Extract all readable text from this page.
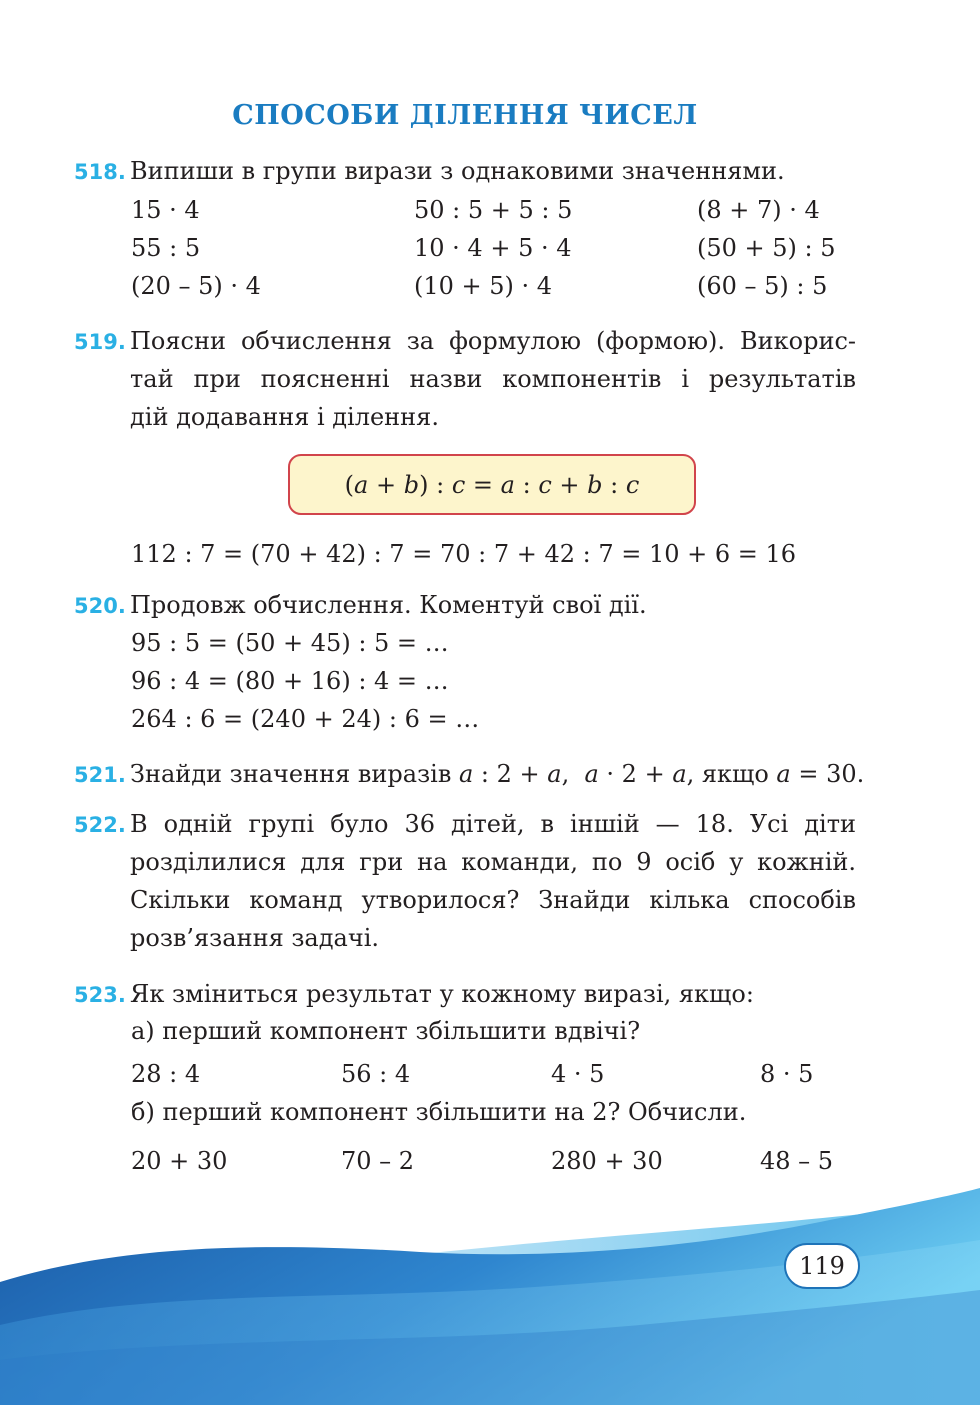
СПОСОБИ ДІЛЕННЯ ЧИСЕЛ
518. Випиши в групи вирази з однаковими значеннями.
15 · 4	50 : 5 + 5 : 5	(8 + 7) · 4
55 : 5	10 · 4 + 5 · 4	(50 + 5) : 5
(20 – 5) · 4	(10 + 5) · 4	(60 – 5) : 5
519. Поясни обчислення за формулою (формою). Викорис-
тай при поясненні назви компонентів і результатів
дій додавання і ділення.
(a + b) : c = a : c + b : c
112 : 7 = (70 + 42) : 7 = 70 : 7 + 42 : 7 = 10 + 6 = 16
520. Продовж обчислення. Коментуй свої дії.
95 : 5 = (50 + 45) : 5 = …
96 : 4 = (80 + 16) : 4 = …
264 : 6 = (240 + 24) : 6 = …
521. Знайди значення виразів a : 2 + a,  a · 2 + a, якщо a = 30.
522. В одній групі було 36 дітей, в іншій — 18. Усі діти
розділилися для гри на команди, по 9 осіб у кожній.
Скільки команд утворилося? Знайди кілька способів
розв’язання задачі.
523. Як зміниться результат у кожному виразі, якщо:
а) перший компонент збільшити вдвічі?
28 : 4	56 : 4	4 · 5	8 · 5
б) перший компонент збільшити на 2? Обчисли.
20 + 30	70 – 2	280 + 30	48 – 5
119
